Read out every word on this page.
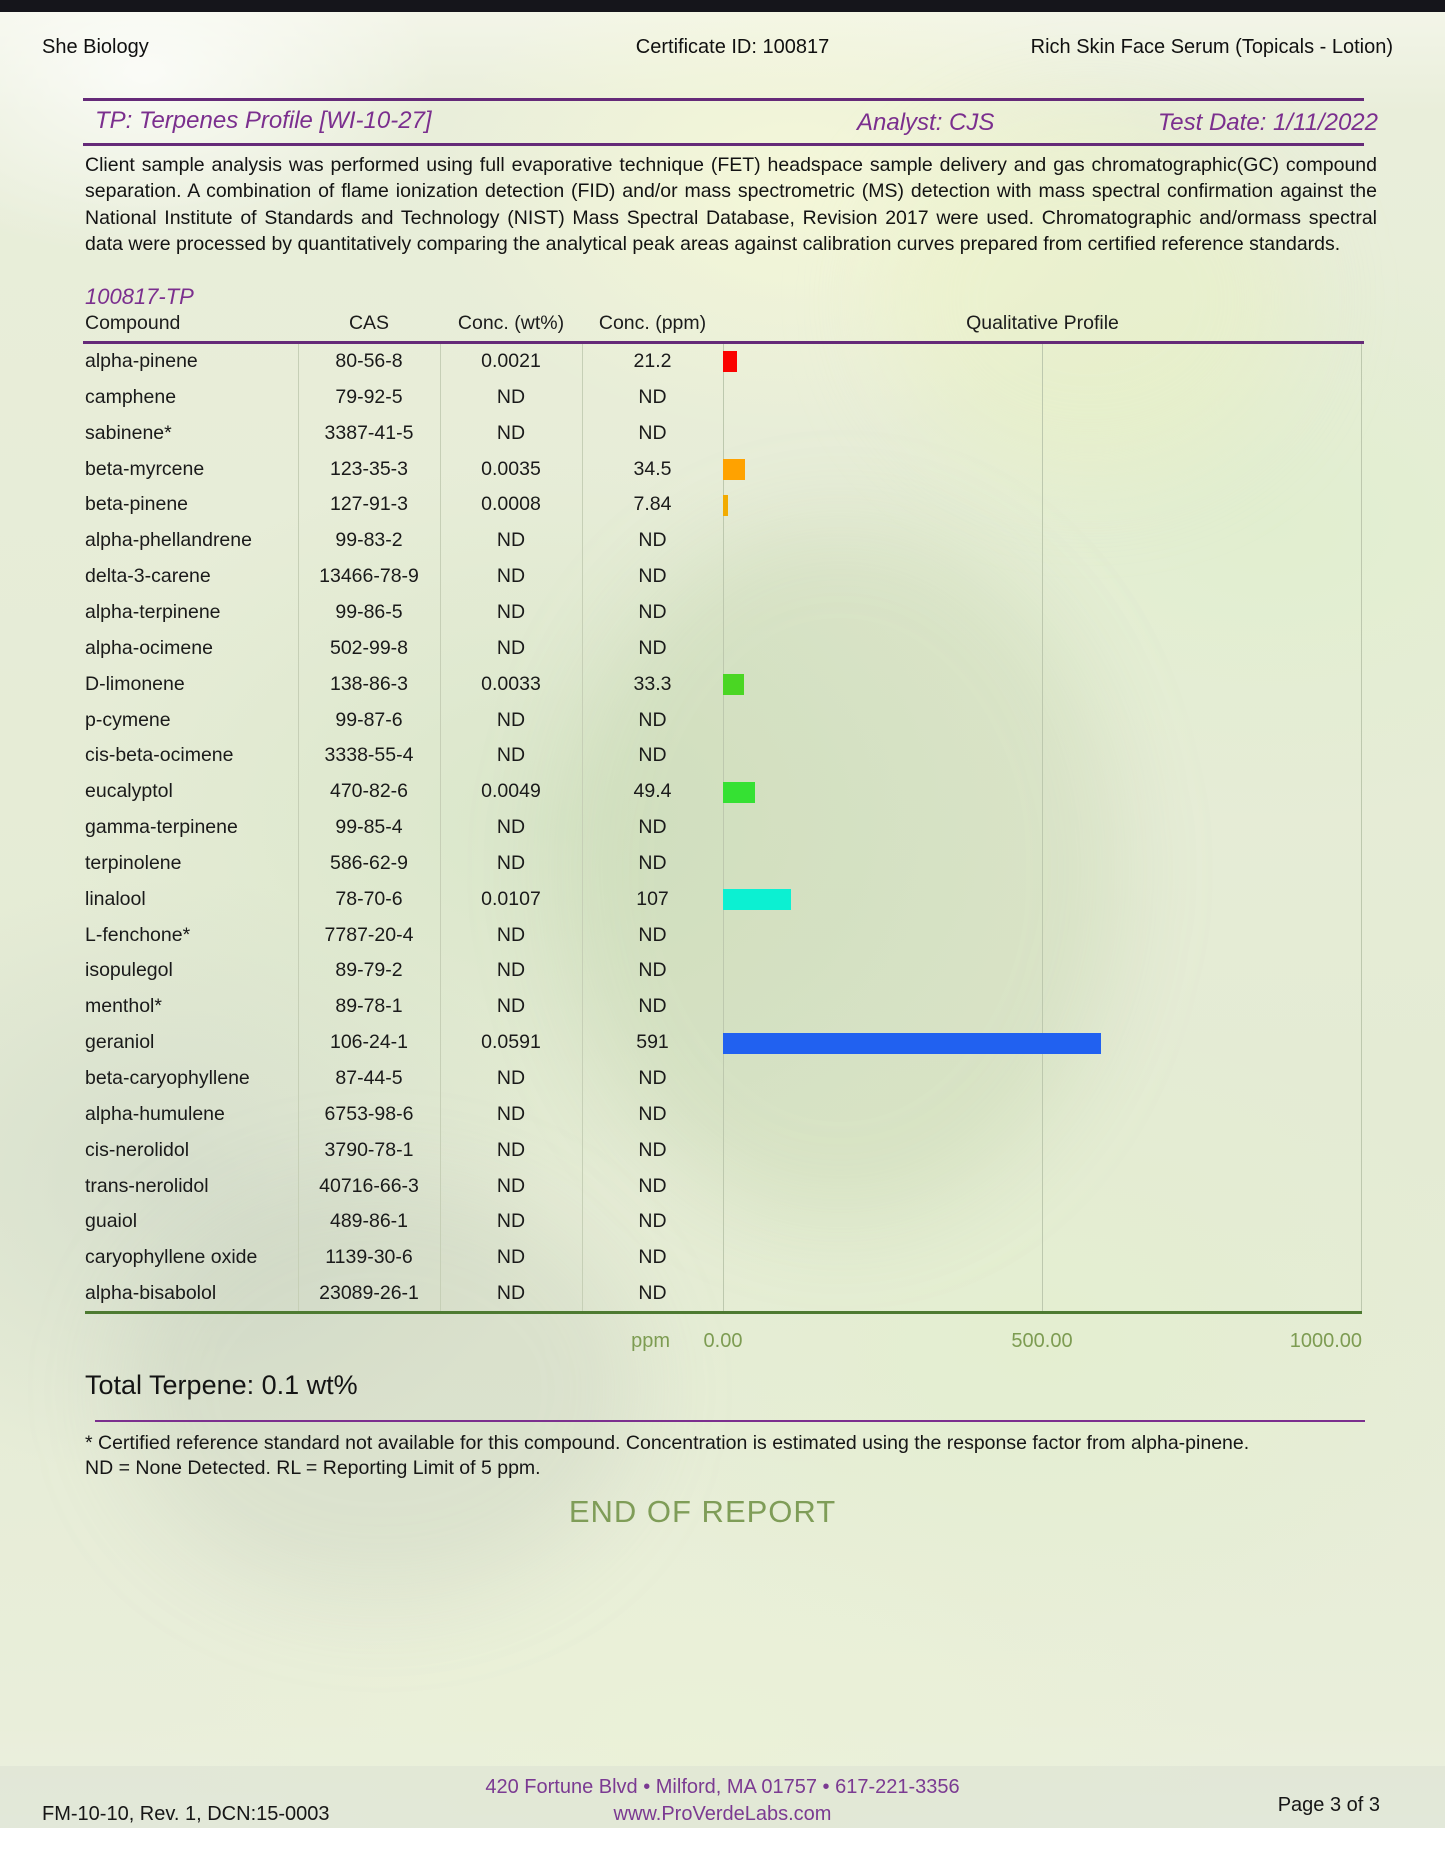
She Biology	Certificate ID: 100817	Rich Skin Face Serum (Topicals - Lotion)
TP: Terpenes Profile [WI-10-27]	Analyst: CJS	Test Date: 1/11/2022
Client sample analysis was performed using full evaporative technique (FET) headspace sample delivery and gas chromatographic(GC) compound separation. A combination of flame ionization detection (FID) and/or mass spectrometric (MS) detection with mass spectral confirmation against the National Institute of Standards and Technology (NIST) Mass Spectral Database, Revision 2017 were used. Chromatographic and/ormass spectral data were processed by quantitatively comparing the analytical peak areas against calibration curves prepared from certified reference standards.
100817-TP
Compound	CAS	Conc. (wt%)	Conc. (ppm)	Qualitative Profile
alpha-pinene	80-56-8	0.0021	21.2
camphene	79-92-5	ND	ND
sabinene*	3387-41-5	ND	ND
beta-myrcene	123-35-3	0.0035	34.5
beta-pinene	127-91-3	0.0008	7.84
alpha-phellandrene	99-83-2	ND	ND
delta-3-carene	13466-78-9	ND	ND
alpha-terpinene	99-86-5	ND	ND
alpha-ocimene	502-99-8	ND	ND
D-limonene	138-86-3	0.0033	33.3
p-cymene	99-87-6	ND	ND
cis-beta-ocimene	3338-55-4	ND	ND
eucalyptol	470-82-6	0.0049	49.4
gamma-terpinene	99-85-4	ND	ND
terpinolene	586-62-9	ND	ND
linalool	78-70-6	0.0107	107
L-fenchone*	7787-20-4	ND	ND
isopulegol	89-79-2	ND	ND
menthol*	89-78-1	ND	ND
geraniol	106-24-1	0.0591	591
beta-caryophyllene	87-44-5	ND	ND
alpha-humulene	6753-98-6	ND	ND
cis-nerolidol	3790-78-1	ND	ND
trans-nerolidol	40716-66-3	ND	ND
guaiol	489-86-1	ND	ND
caryophyllene oxide	1139-30-6	ND	ND
alpha-bisabolol	23089-26-1	ND	ND
ppm	0.00	500.00	1000.00
Total Terpene: 0.1 wt%
* Certified reference standard not available for this compound. Concentration is estimated using the response factor from alpha-pinene.
ND = None Detected. RL = Reporting Limit of 5 ppm.
END OF REPORT
FM-10-10, Rev. 1, DCN:15-0003
420 Fortune Blvd • Milford, MA 01757 • 617-221-3356
www.ProVerdeLabs.com	Page 3 of 3
